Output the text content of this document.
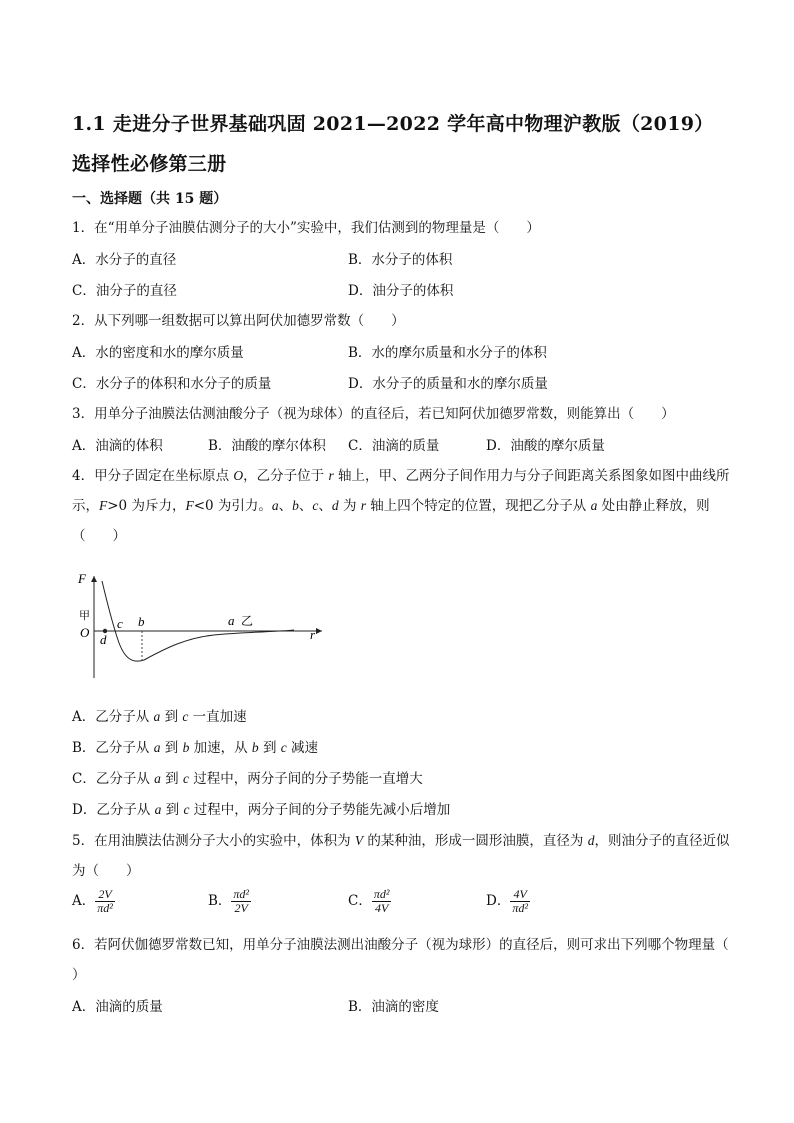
1.1 走进分子世界基础巩固 2021—2022 学年高中物理沪教版（2019）选择性必修第三册
一、选择题（共 15 题）
1．在“用单分子油膜估测分子的大小”实验中，我们估测到的物理量是（　　）
A．水分子的直径	B．水分子的体积
C．油分子的直径	D．油分子的体积
2．从下列哪一组数据可以算出阿伏加德罗常数（　　）
A．水的密度和水的摩尔质量	B．水的摩尔质量和水分子的体积
C．水分子的体积和水分子的质量	D．水分子的质量和水的摩尔质量
3．用单分子油膜法估测油酸分子（视为球体）的直径后，若已知阿伏加德罗常数，则能算出（　　）
A．油滴的体积	B．油酸的摩尔体积 C．油滴的质量	D．油酸的摩尔质量
4．甲分子固定在坐标原点 O，乙分子位于 r 轴上，甲、乙两分子间作用力与分子间距离关系图象如图中曲线所示，F>0 为斥力，F<0 为引力。a、b、c、d 为 r 轴上四个特定的位置，现把乙分子从 a 处由静止释放，则（　　）
F
甲
O
c b
d
a 乙
r
A．乙分子从 a 到 c 一直加速
B．乙分子从 a 到 b 加速，从 b 到 c 减速
C．乙分子从 a 到 c 过程中，两分子间的分子势能一直增大
D．乙分子从 a 到 c 过程中，两分子间的分子势能先减小后增加
5．在用油膜法估测分子大小的实验中，体积为 V 的某种油，形成一圆形油膜，直径为 d，则油分子的直径近似为（　　）
A． $\frac{2V}{\text{πd²}}$	B． $\frac{\text{πd²}}{2V}$	C． $\frac{\text{πd²}}{4V}$	D． $\frac{4V}{\text{πd²}}$
6．若阿伏伽德罗常数已知，用单分子油膜法测出油酸分子（视为球形）的直径后，则可求出下列哪个物理量（ ）
A．油滴的质量	B．油滴的密度
